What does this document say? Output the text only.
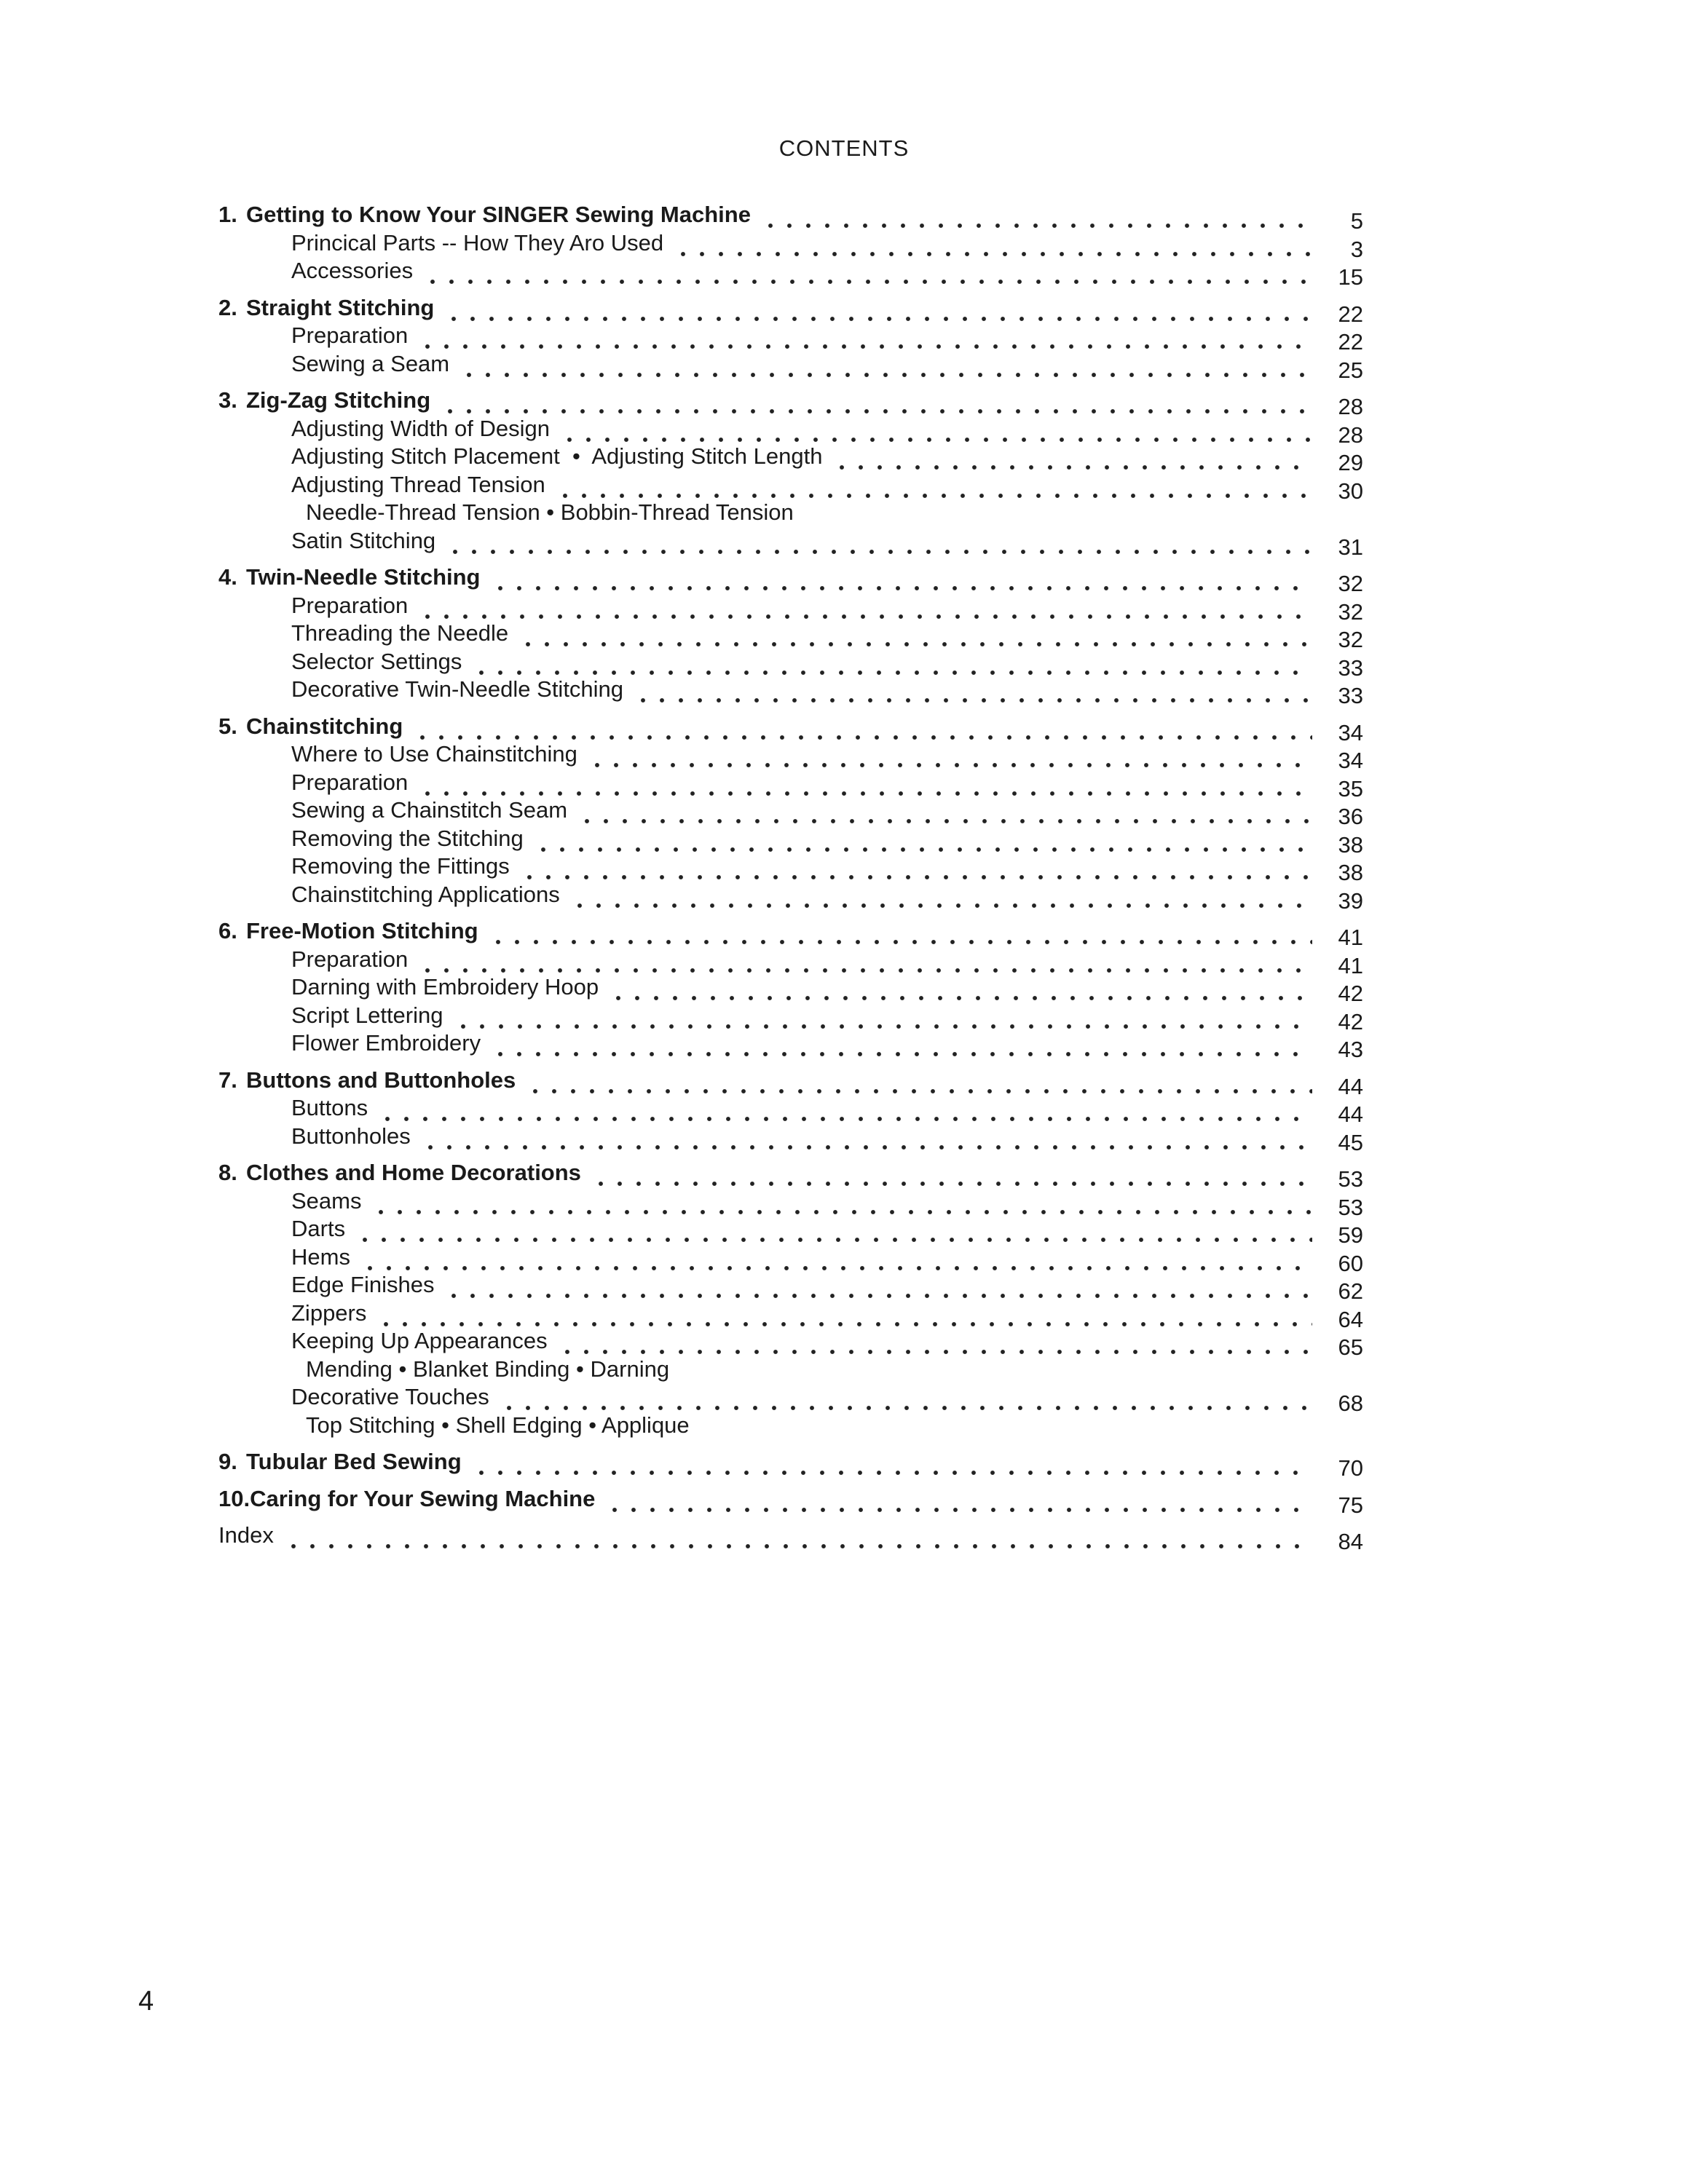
CONTENTS
1. Getting to Know Your SINGER Sewing Machine	5
Princical Parts -- How They Aro Used	3
Accessories	15
2. Straight Stitching	22
Preparation	22
Sewing a Seam	25
3. Zig-Zag Stitching	28
Adjusting Width of Design	28
Adjusting Stitch Placement  •  Adjusting Stitch Length	29
Adjusting Thread Tension	30
Needle-Thread Tension • Bobbin-Thread Tension
Satin Stitching	31
4. Twin-Needle Stitching	32
Preparation	32
Threading the Needle	32
Selector Settings	33
Decorative Twin-Needle Stitching	33
5. Chainstitching	34
Where to Use Chainstitching	34
Preparation	35
Sewing a Chainstitch Seam	36
Removing the Stitching	38
Removing the Fittings	38
Chainstitching Applications	39
6. Free-Motion Stitching	41
Preparation	41
Darning with Embroidery Hoop	42
Script Lettering	42
Flower Embroidery	43
7. Buttons and Buttonholes	44
Buttons	44
Buttonholes	45
8. Clothes and Home Decorations	53
Seams	53
Darts	59
Hems	60
Edge Finishes	62
Zippers	64
Keeping Up Appearances	65
Mending • Blanket Binding • Darning
Decorative Touches	68
Top Stitching • Shell Edging • Applique
9. Tubular Bed Sewing	70
10. Caring for Your Sewing Machine	75
Index	84
4
